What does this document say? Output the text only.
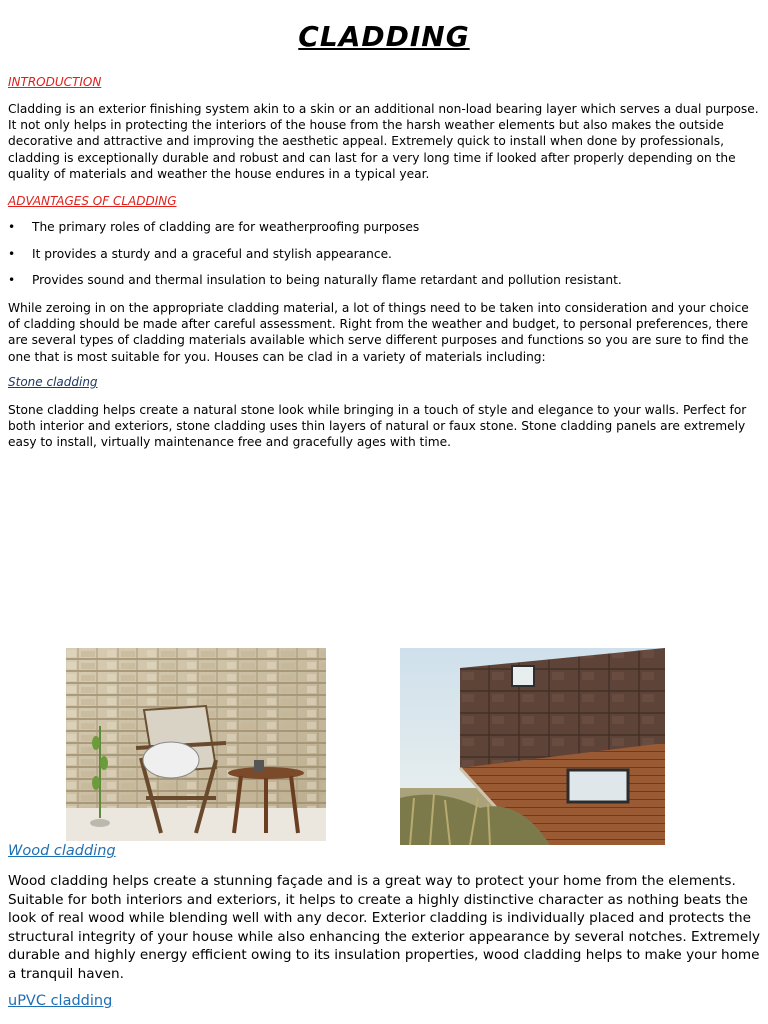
CLADDING

INTRODUCTION

Cladding is an exterior finishing system akin to a skin or an additional non-load bearing layer which serves a dual purpose. It not only helps in protecting the interiors of the house from the harsh weather elements but also makes the outside decorative and attractive and improving the aesthetic appeal. Extremely quick to install when done by professionals, cladding is exceptionally durable and robust and can last for a very long time if looked after properly depending on the quality of materials and weather the house endures in a typical year.

ADVANTAGES OF CLADDING

•	The primary roles of cladding are for weatherproofing purposes
•	It provides a sturdy and a graceful and stylish appearance.
•	Provides sound and thermal insulation to being naturally flame retardant and pollution resistant.

While zeroing in on the appropriate cladding material, a lot of things need to be taken into consideration and your choice of cladding should be made after careful assessment. Right from the weather and budget, to personal preferences, there are several types of cladding materials available which serve different purposes and functions so you are sure to find the one that is most suitable for you. Houses can be clad in a variety of materials including:

Stone cladding

Stone cladding helps create a natural stone look while bringing in a touch of style and elegance to your walls. Perfect for both interior and exteriors, stone cladding uses thin layers of natural or faux stone. Stone cladding panels are extremely easy to install, virtually maintenance free and gracefully ages with time.

Wood cladding

Wood cladding helps create a stunning façade and is a great way to protect your home from the elements. Suitable for both interiors and exteriors, it helps to create a highly distinctive character as nothing beats the look of real wood while blending well with any decor. Exterior cladding is individually placed and protects the structural integrity of your house while also enhancing the exterior appearance by several notches. Extremely durable and highly energy efficient owing to its insulation properties, wood cladding helps to make your home a tranquil haven.

uPVC cladding
